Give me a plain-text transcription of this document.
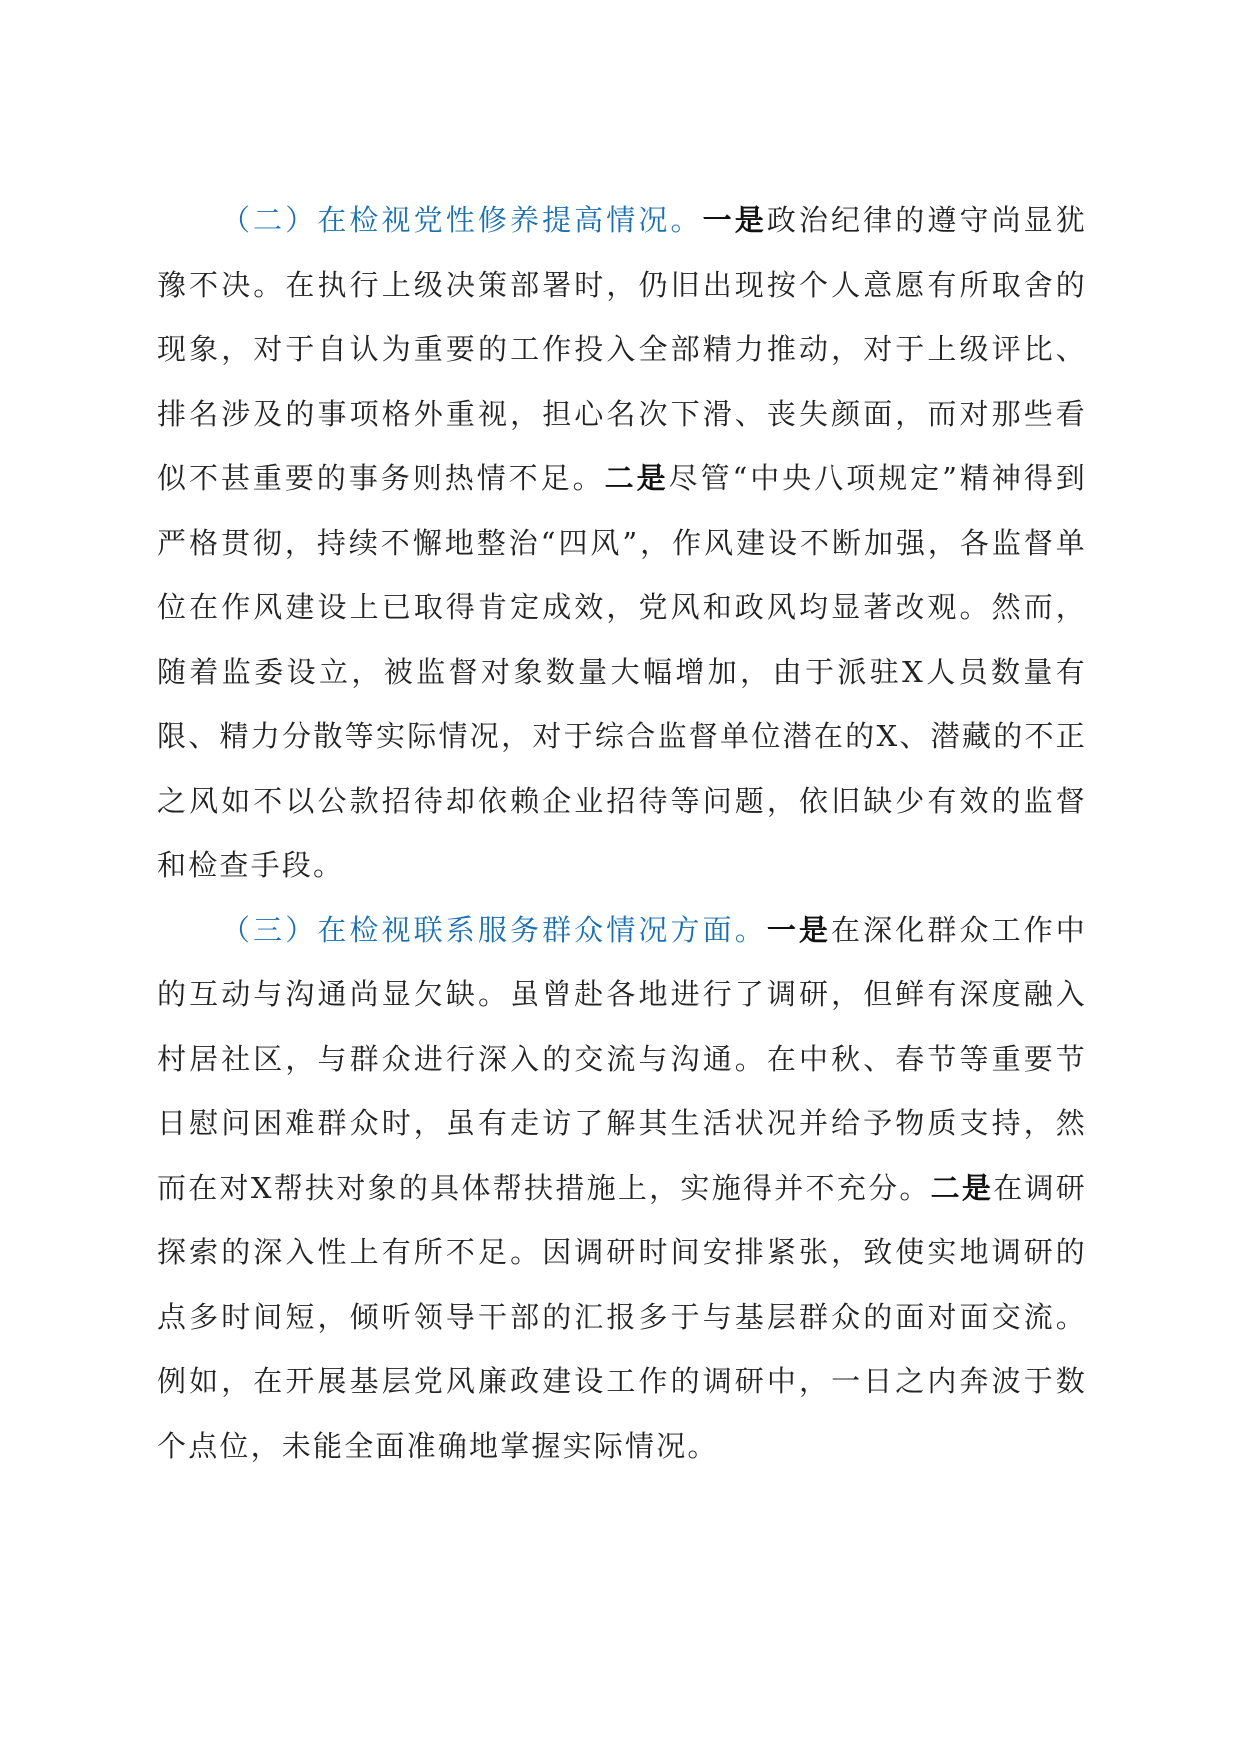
（二）在检视党性修养提高情况。一是政治纪律的遵守尚显犹豫不决。在执行上级决策部署时，仍旧出现按个人意愿有所取舍的现象，对于自认为重要的工作投入全部精力推动，对于上级评比、排名涉及的事项格外重视，担心名次下滑、丧失颜面，而对那些看似不甚重要的事务则热情不足。二是尽管“中央八项规定”精神得到严格贯彻，持续不懈地整治“四风”，作风建设不断加强，各监督单位在作风建设上已取得肯定成效，党风和政风均显著改观。然而，随着监委设立，被监督对象数量大幅增加，由于派驻X人员数量有限、精力分散等实际情况，对于综合监督单位潜在的X、潜藏的不正之风如不以公款招待却依赖企业招待等问题，依旧缺少有效的监督和检查手段。

（三）在检视联系服务群众情况方面。一是在深化群众工作中的互动与沟通尚显欠缺。虽曾赴各地进行了调研，但鲜有深度融入村居社区，与群众进行深入的交流与沟通。在中秋、春节等重要节日慰问困难群众时，虽有走访了解其生活状况并给予物质支持，然而在对X帮扶对象的具体帮扶措施上，实施得并不充分。二是在调研探索的深入性上有所不足。因调研时间安排紧张，致使实地调研的点多时间短，倾听领导干部的汇报多于与基层群众的面对面交流。例如，在开展基层党风廉政建设工作的调研中，一日之内奔波于数个点位，未能全面准确地掌握实际情况。
